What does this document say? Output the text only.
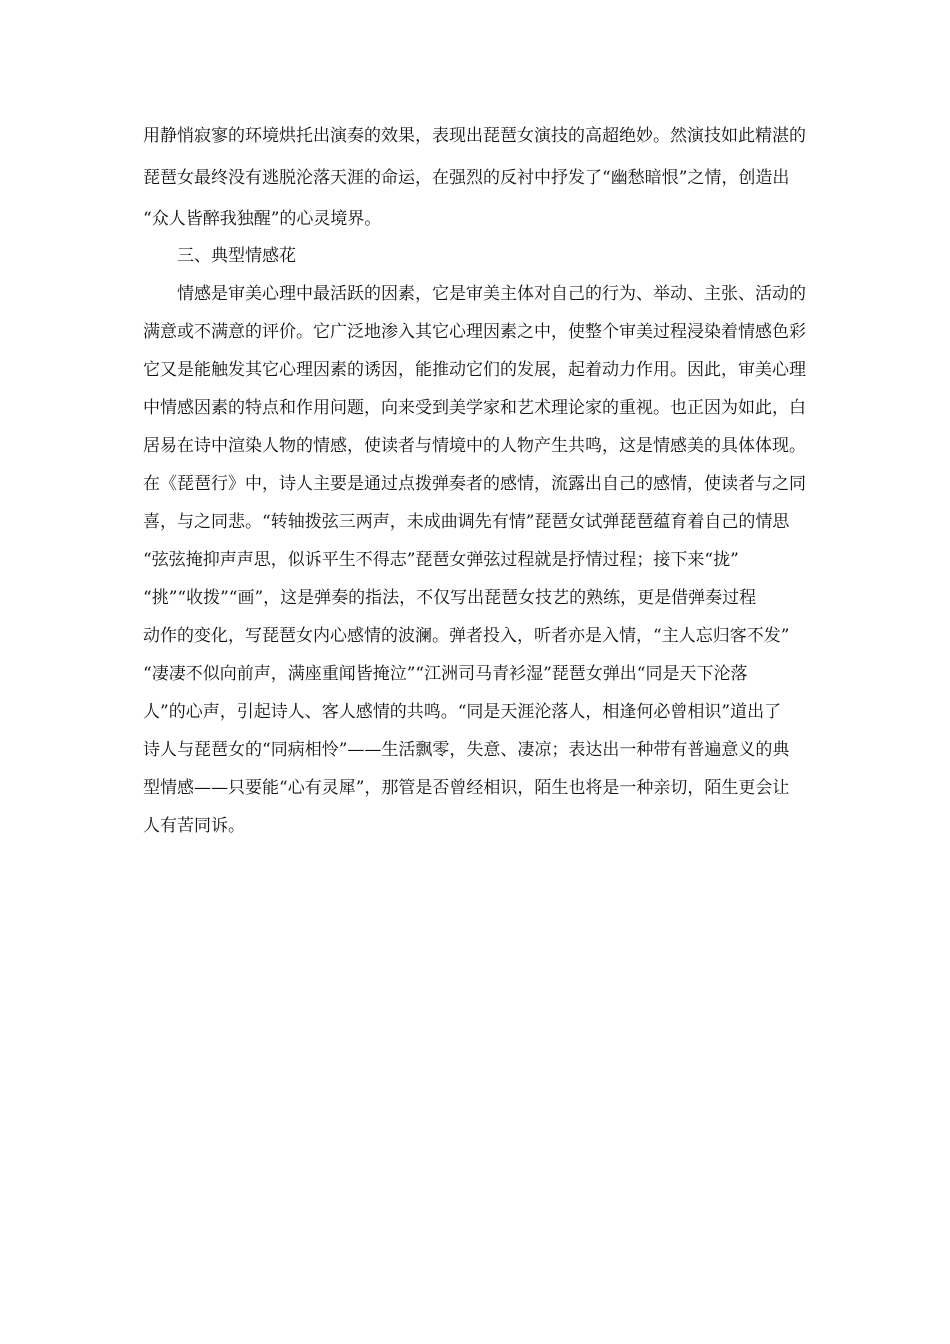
用静悄寂寥的环境烘托出演奏的效果，表现出琵琶女演技的高超绝妙。然演技如此精湛的
琵琶女最终没有逃脱沦落天涯的命运，在强烈的反衬中抒发了“幽愁暗恨”之情，创造出
“众人皆醉我独醒”的心灵境界。
三、典型情感花
情感是审美心理中最活跃的因素，它是审美主体对自己的行为、举动、主张、活动的
满意或不满意的评价。它广泛地渗入其它心理因素之中，使整个审美过程浸染着情感色彩
它又是能触发其它心理因素的诱因，能推动它们的发展，起着动力作用。因此，审美心理
中情感因素的特点和作用问题，向来受到美学家和艺术理论家的重视。也正因为如此，白
居易在诗中渲染人物的情感，使读者与情境中的人物产生共鸣，这是情感美的具体体现。
在《琵琶行》中，诗人主要是通过点拨弹奏者的感情，流露出自己的感情，使读者与之同
喜，与之同悲。“转轴拨弦三两声，未成曲调先有情”琵琶女试弹琵琶蕴育着自己的情思
“弦弦掩抑声声思，似诉平生不得志”琵琶女弹弦过程就是抒情过程；接下来“拢”
“挑”“收拨”“画”，这是弹奏的指法，不仅写出琵琶女技艺的熟练，更是借弹奏过程
动作的变化，写琵琶女内心感情的波澜。弹者投入，听者亦是入情，“主人忘归客不发”
“凄凄不似向前声，满座重闻皆掩泣”“江洲司马青衫湿”琵琶女弹出“同是天下沦落
人”的心声，引起诗人、客人感情的共鸣。“同是天涯沦落人，相逢何必曾相识”道出了
诗人与琵琶女的“同病相怜”——生活飘零，失意、凄凉；表达出一种带有普遍意义的典
型情感——只要能“心有灵犀”，那管是否曾经相识，陌生也将是一种亲切，陌生更会让
人有苦同诉。
